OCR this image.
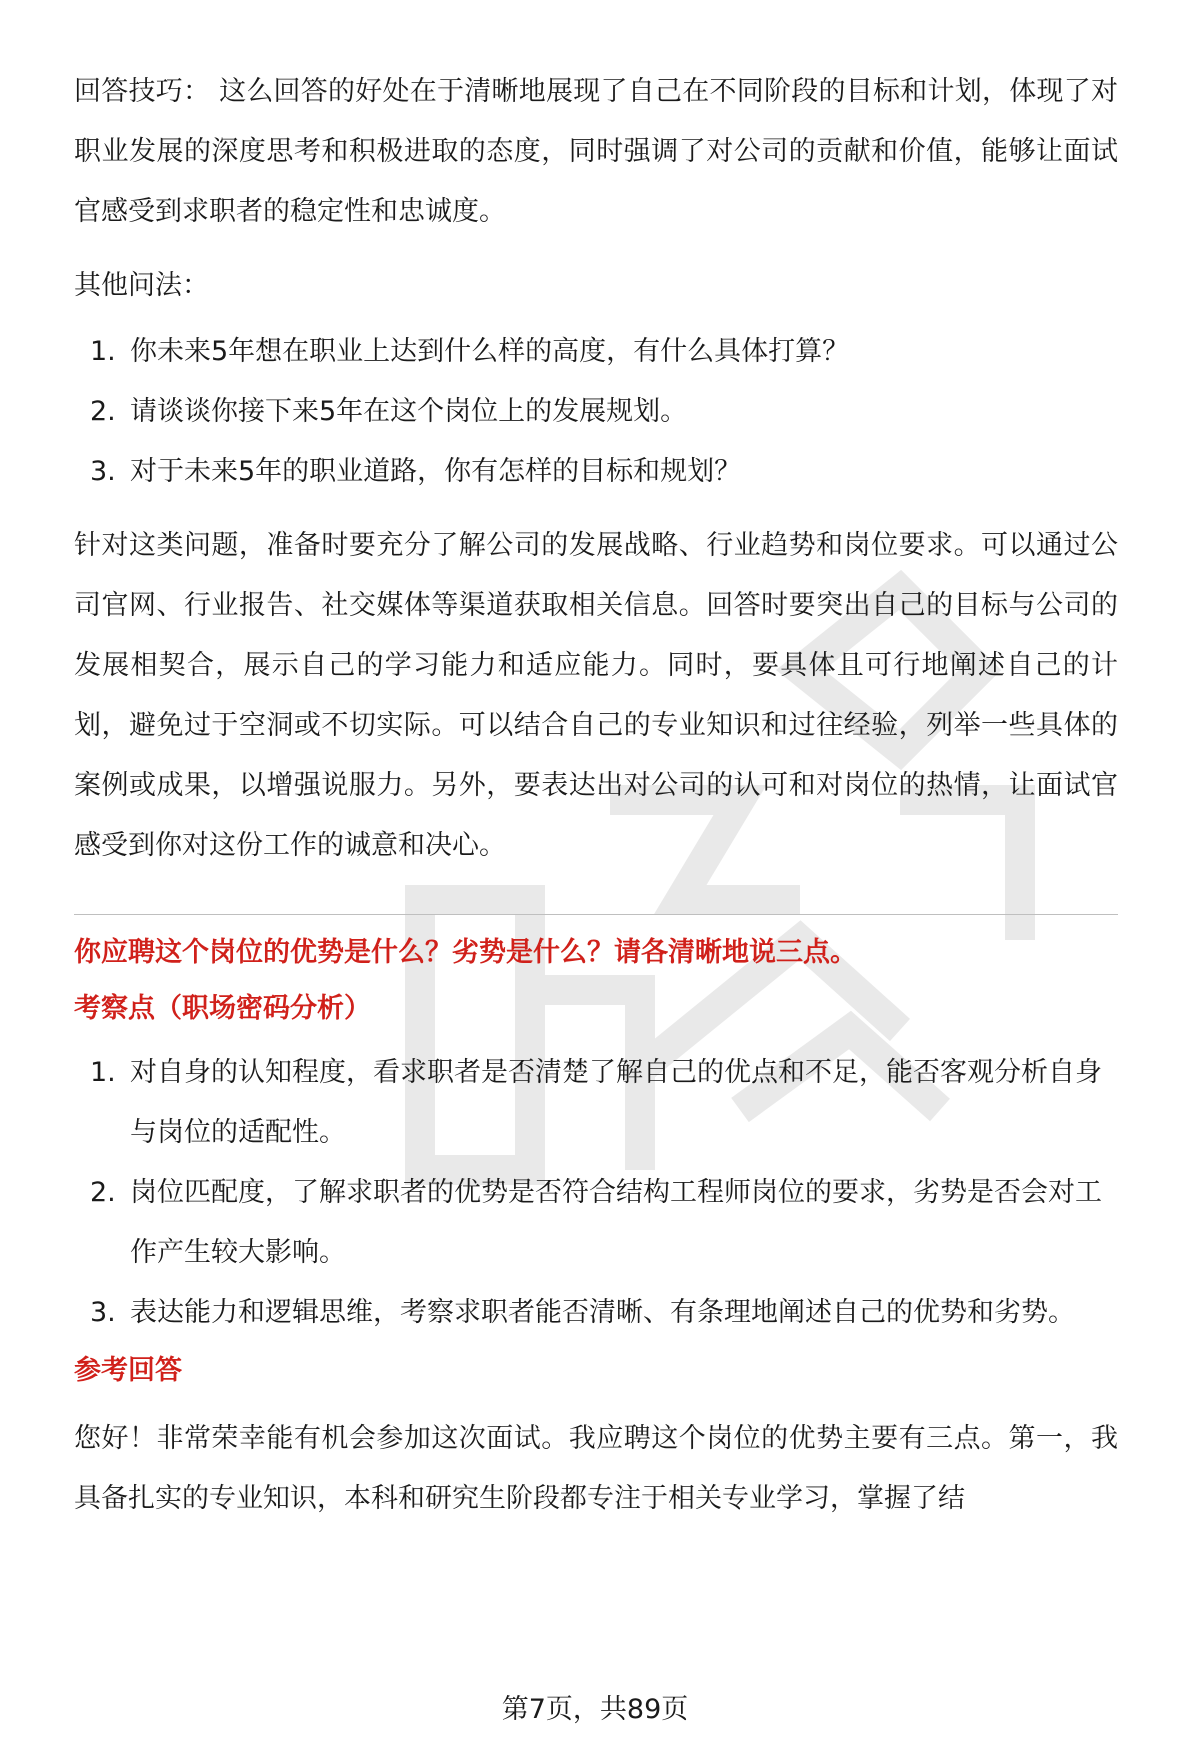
回答技巧： 这么回答的好处在于清晰地展现了自己在不同阶段的目标和计划，体现了对职业发展的深度思考和积极进取的态度，同时强调了对公司的贡献和价值，能够让面试官感受到求职者的稳定性和忠诚度。

其他问法：

1. 你未来5年想在职业上达到什么样的高度，有什么具体打算？
2. 请谈谈你接下来5年在这个岗位上的发展规划。
3. 对于未来5年的职业道路，你有怎样的目标和规划？

针对这类问题，准备时要充分了解公司的发展战略、行业趋势和岗位要求。可以通过公司官网、行业报告、社交媒体等渠道获取相关信息。回答时要突出自己的目标与公司的发展相契合，展示自己的学习能力和适应能力。同时，要具体且可行地阐述自己的计划，避免过于空洞或不切实际。可以结合自己的专业知识和过往经验，列举一些具体的案例或成果，以增强说服力。另外，要表达出对公司的认可和对岗位的热情，让面试官感受到你对这份工作的诚意和决心。

你应聘这个岗位的优势是什么？劣势是什么？请各清晰地说三点。

考察点（职场密码分析）

1. 对自身的认知程度，看求职者是否清楚了解自己的优点和不足，能否客观分析自身与岗位的适配性。
2. 岗位匹配度，了解求职者的优势是否符合结构工程师岗位的要求，劣势是否会对工作产生较大影响。
3. 表达能力和逻辑思维，考察求职者能否清晰、有条理地阐述自己的优势和劣势。

参考回答

您好！非常荣幸能有机会参加这次面试。我应聘这个岗位的优势主要有三点。第一，我具备扎实的专业知识，本科和研究生阶段都专注于相关专业学习，掌握了结

第7页，共89页
